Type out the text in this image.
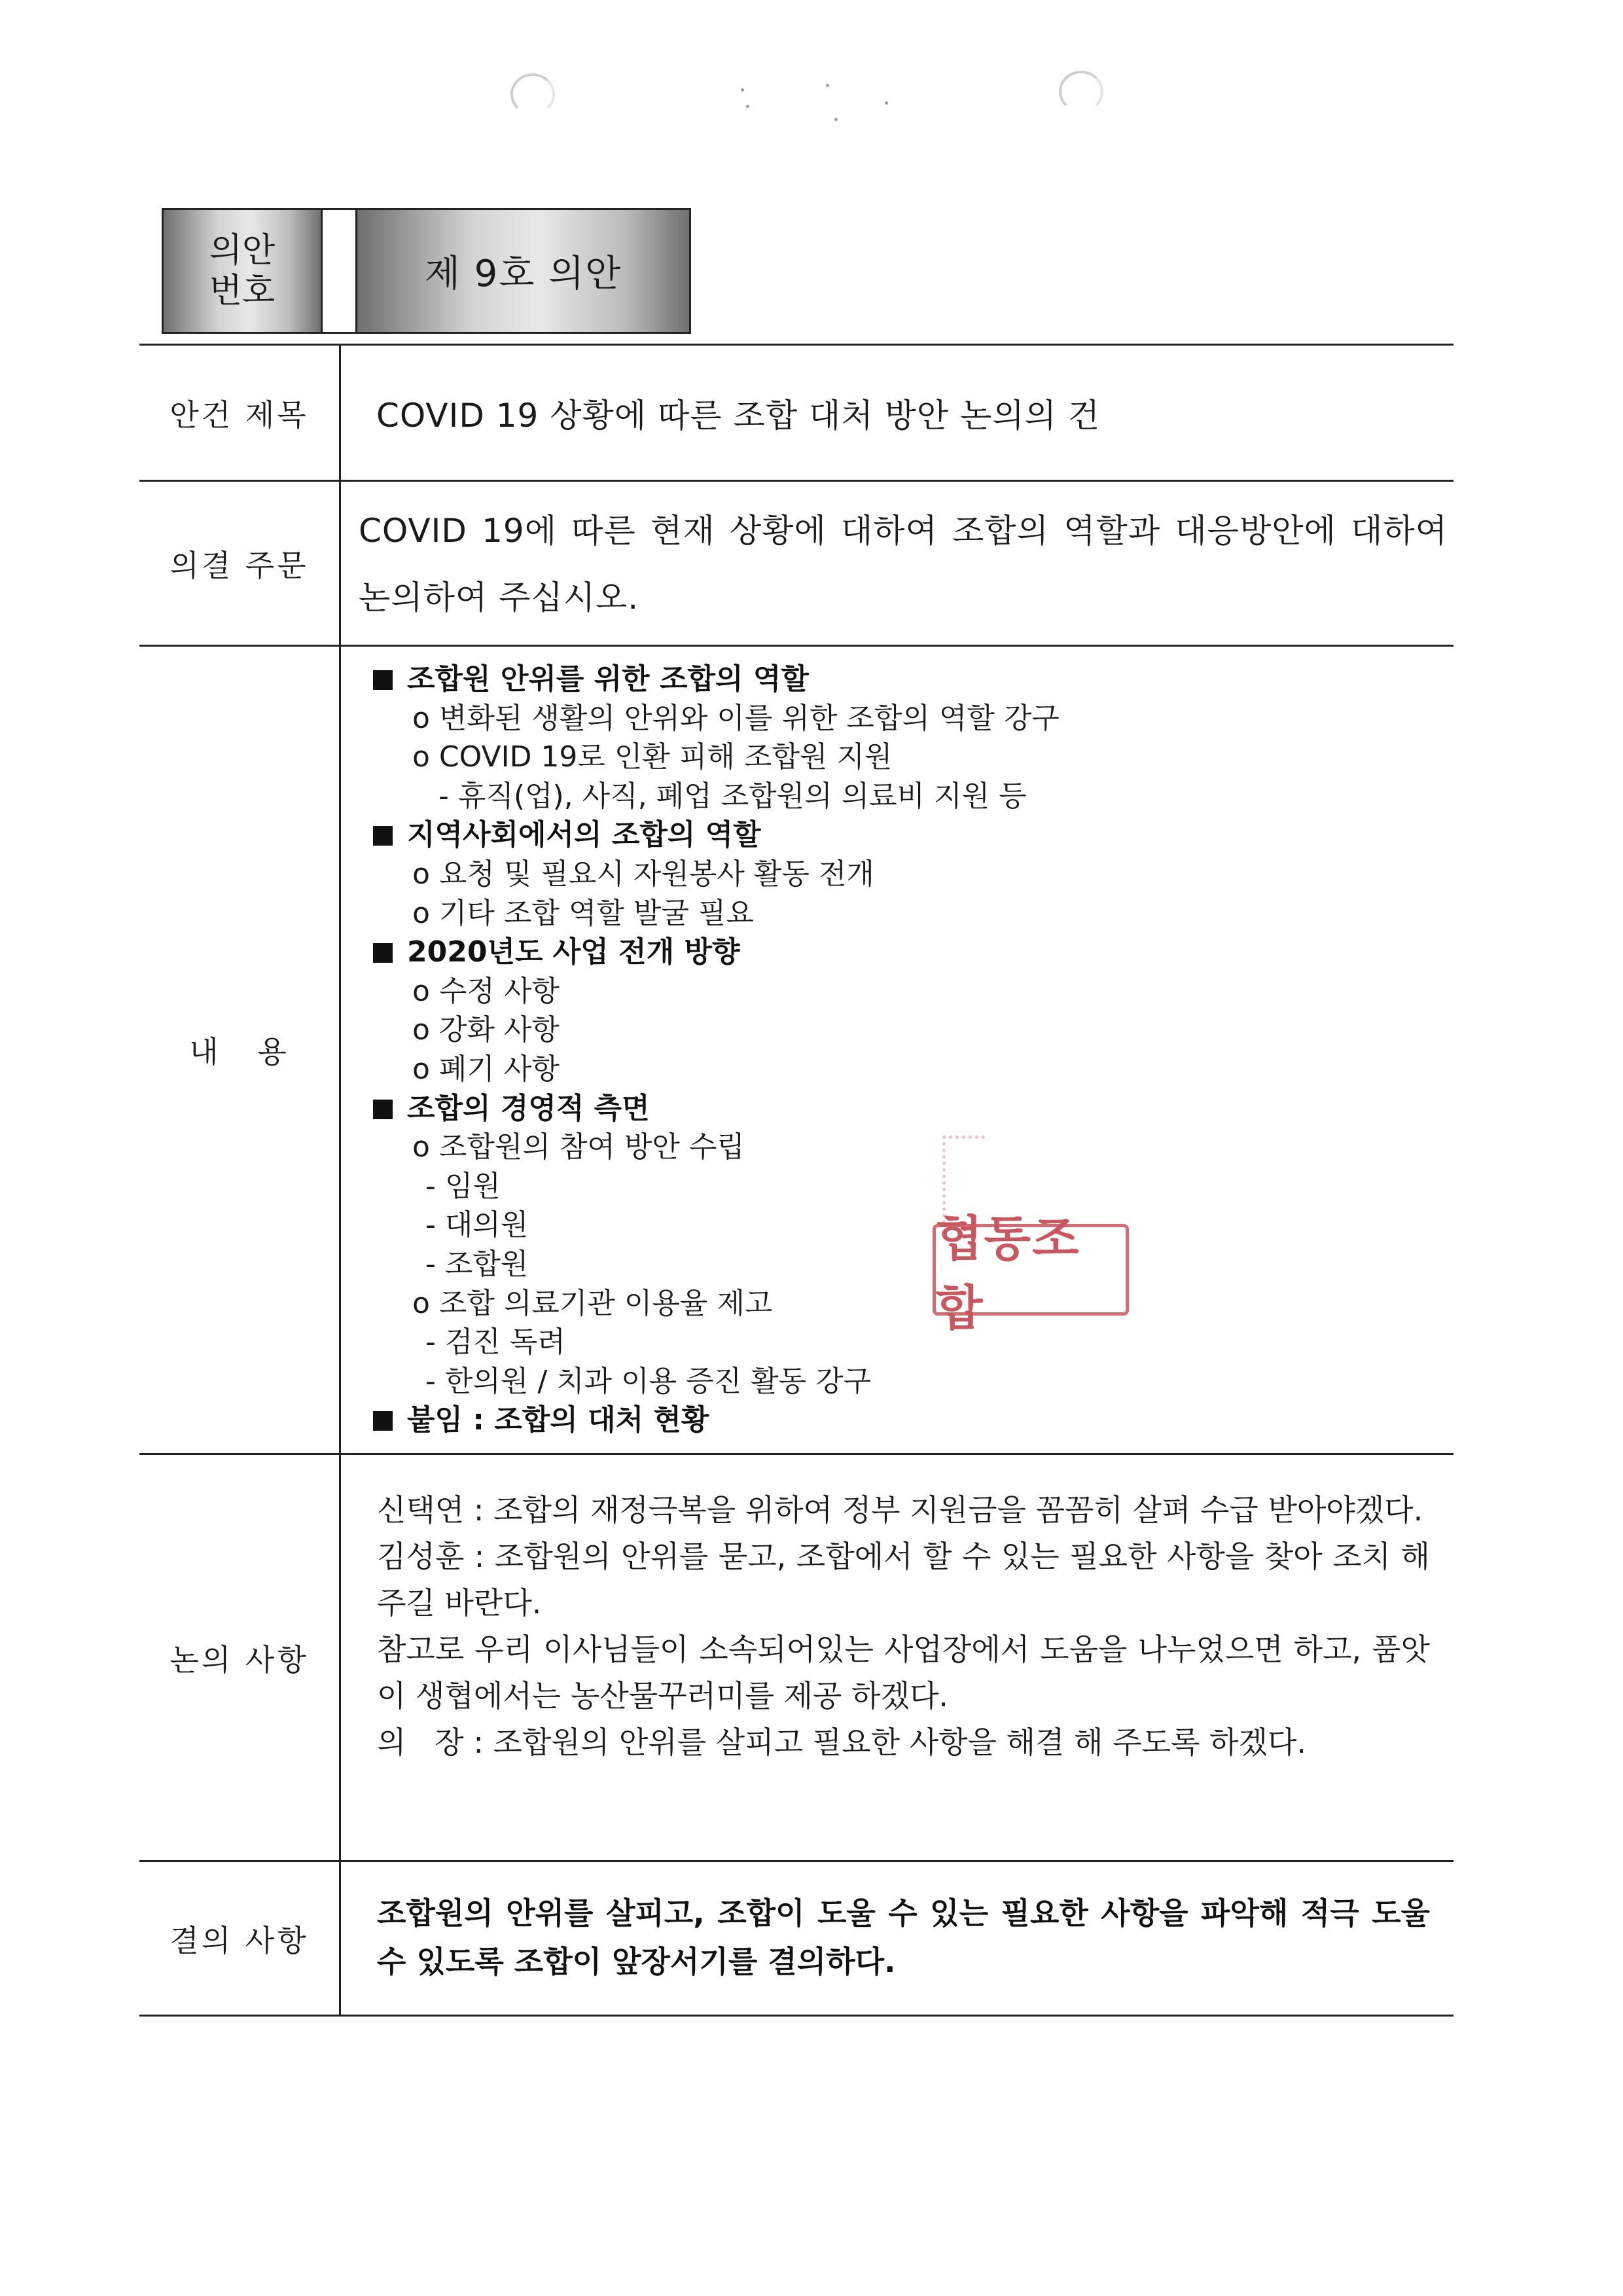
의안
번호	제 9호 의안
안건 제목 COVID 19 상황에 따른 조합 대처 방안 논의의 건
의결 주문
COVID 19에 따른 현재 상황에 대하여 조합의 역할과 대응방안에 대하여 논의하여 주십시오.
내   용
조합원 안위를 위한 조합의 역할
o 변화된 생활의 안위와 이를 위한 조합의 역할 강구
o COVID 19로 인환 피해 조합원 지원
- 휴직(업), 사직, 폐업 조합원의 의료비 지원 등
지역사회에서의 조합의 역할
o 요청 및 필요시 자원봉사 활동 전개
o 기타 조합 역할 발굴 필요
2020년도 사업 전개 방향
o 수정 사항
o 강화 사항
o 폐기 사항
조합의 경영적 측면
o 조합원의 참여 방안 수립
- 임원
- 대의원
- 조합원
o 조합 의료기관 이용율 제고
- 검진 독려
- 한의원 / 치과 이용 증진 활동 강구
붙임 : 조합의 대처 현황
협동조합
논의 사항
신택연 : 조합의 재정극복을 위하여 정부 지원금을 꼼꼼히 살펴 수급 받아야겠다.
김성훈 : 조합원의 안위를 묻고, 조합에서 할 수 있는 필요한 사항을 찾아 조치 해주길 바란다.
참고로 우리 이사님들이 소속되어있는 사업장에서 도움을 나누었으면 하고, 품앗이 생협에서는 농산물꾸러미를 제공 하겠다.
의   장 : 조합원의 안위를 살피고 필요한 사항을 해결 해 주도록 하겠다.
결의 사항
조합원의 안위를 살피고, 조합이 도울 수 있는 필요한 사항을 파악해 적극 도울 수 있도록 조합이 앞장서기를 결의하다.
